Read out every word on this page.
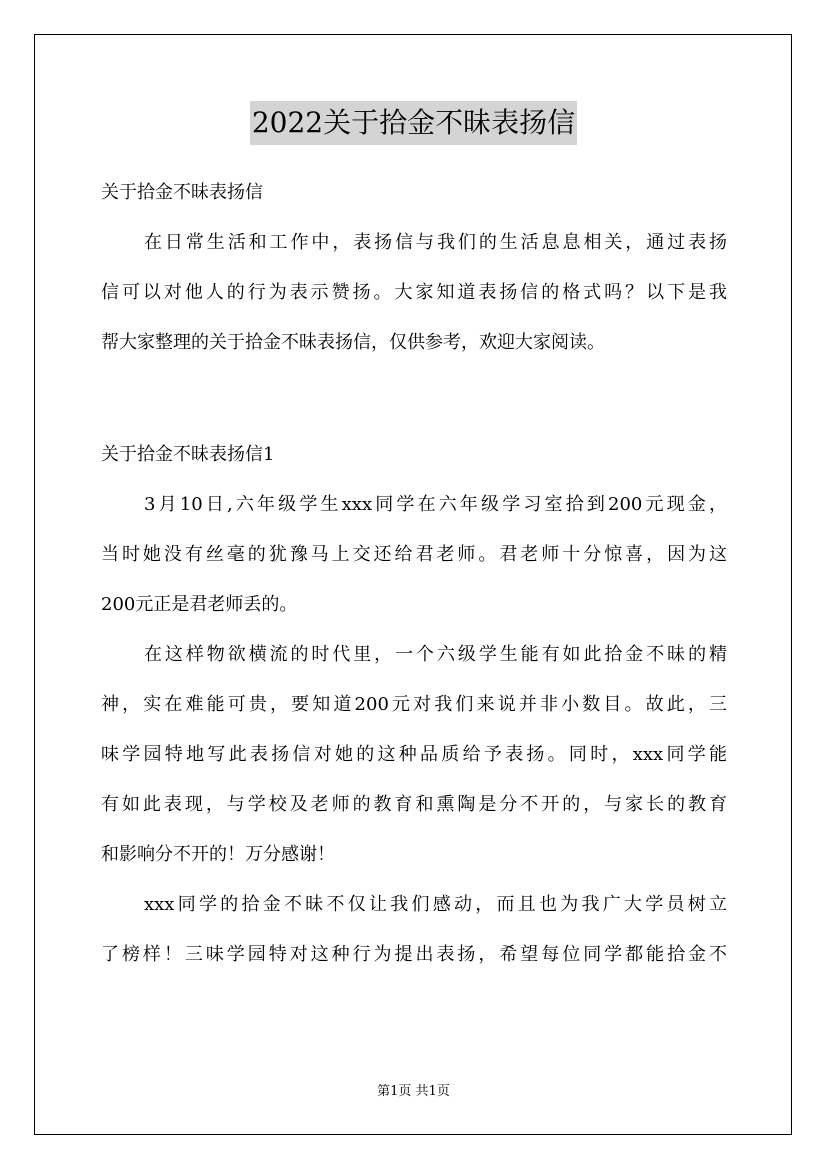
2022关于拾金不昧表扬信

关于拾金不昧表扬信

在日常生活和工作中，表扬信与我们的生活息息相关，通过表扬

信可以对他人的行为表示赞扬。大家知道表扬信的格式吗？以下是我

帮大家整理的关于拾金不昧表扬信，仅供参考，欢迎大家阅读。

关于拾金不昧表扬信1

3月10日,六年级学生xxx同学在六年级学习室拾到200元现金，

当时她没有丝毫的犹豫马上交还给君老师。君老师十分惊喜，因为这

200元正是君老师丢的。

在这样物欲横流的时代里，一个六级学生能有如此拾金不昧的精

神，实在难能可贵，要知道200元对我们来说并非小数目。故此，三

味学园特地写此表扬信对她的这种品质给予表扬。同时，xxx同学能

有如此表现，与学校及老师的教育和熏陶是分不开的，与家长的教育

和影响分不开的！万分感谢！

xxx同学的拾金不昧不仅让我们感动，而且也为我广大学员树立

了榜样！三味学园特对这种行为提出表扬，希望每位同学都能拾金不

第1页 共1页
